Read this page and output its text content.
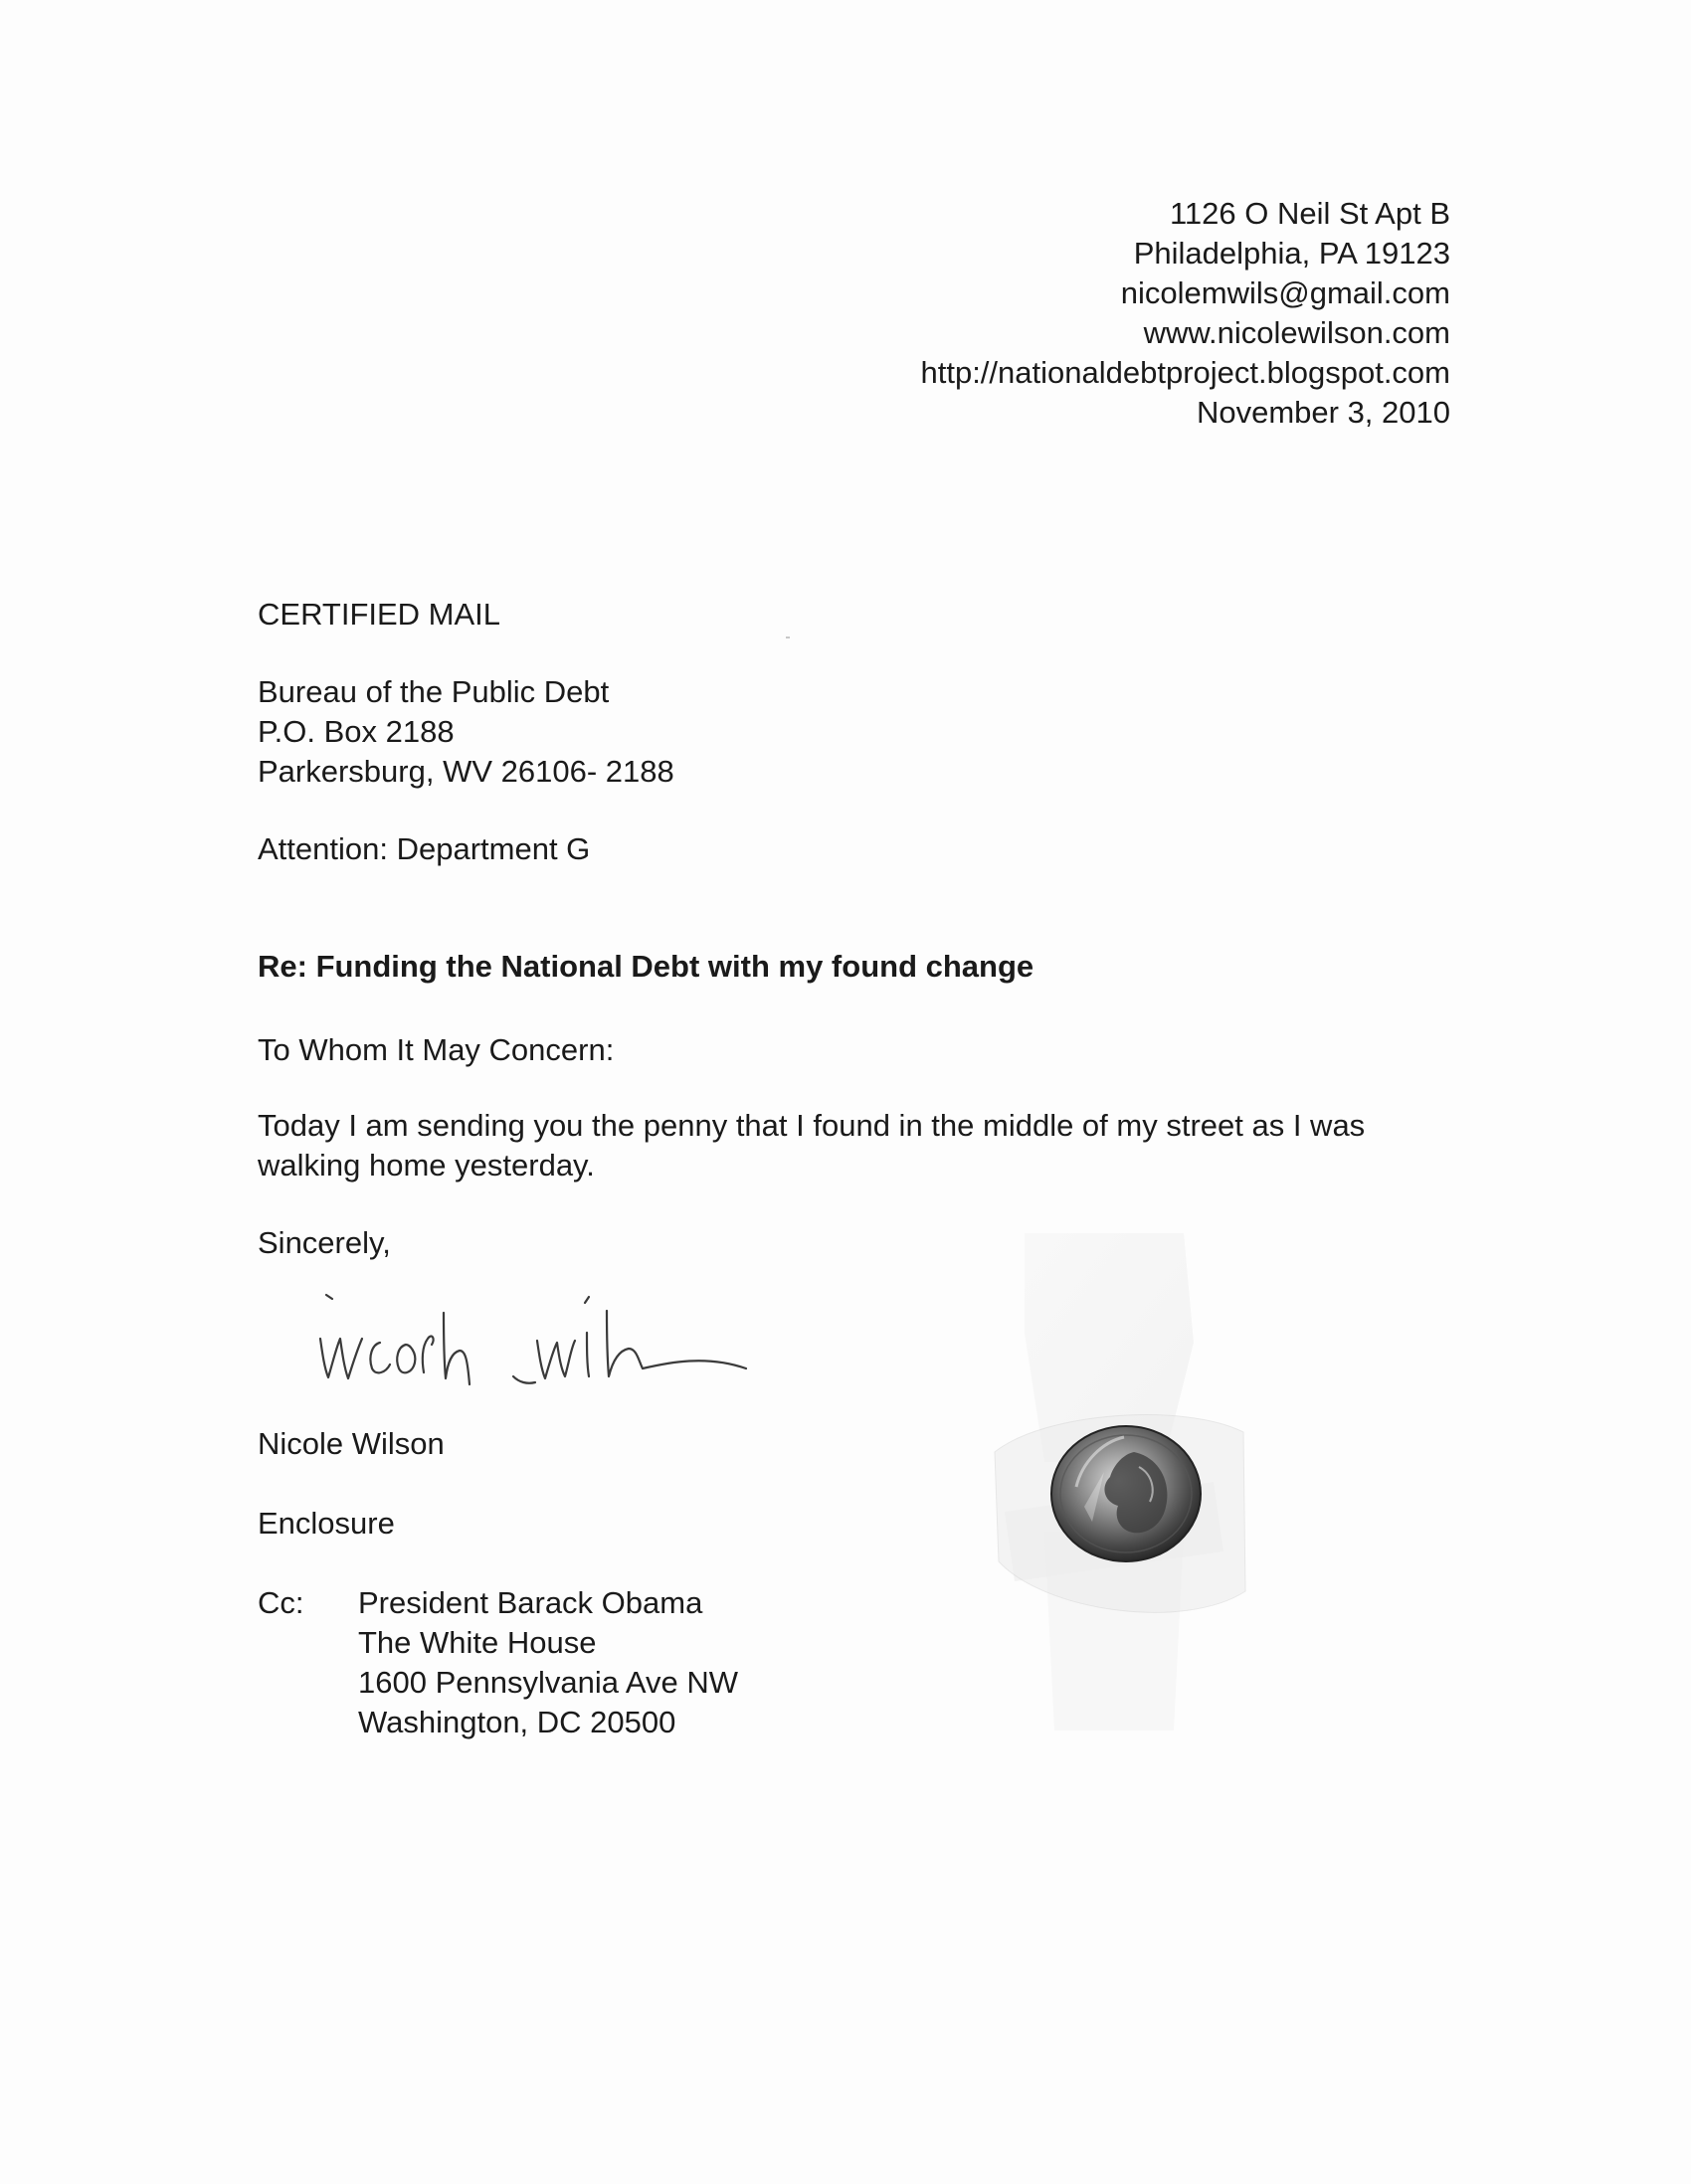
1126 O Neil St Apt B
Philadelphia, PA 19123
nicolemwils@gmail.com
www.nicolewilson.com
http://nationaldebtproject.blogspot.com
November 3, 2010
CERTIFIED MAIL
Bureau of the Public Debt
P.O. Box 2188
Parkersburg, WV 26106- 2188
Attention: Department G
Re: Funding the National Debt with my found change
To Whom It May Concern:
Today I am sending you the penny that I found in the middle of my street as I was walking home yesterday.
Sincerely,
Nicole Wilson
Enclosure
Cc: President Barack Obama
The White House
1600 Pennsylvania Ave NW
Washington, DC 20500
